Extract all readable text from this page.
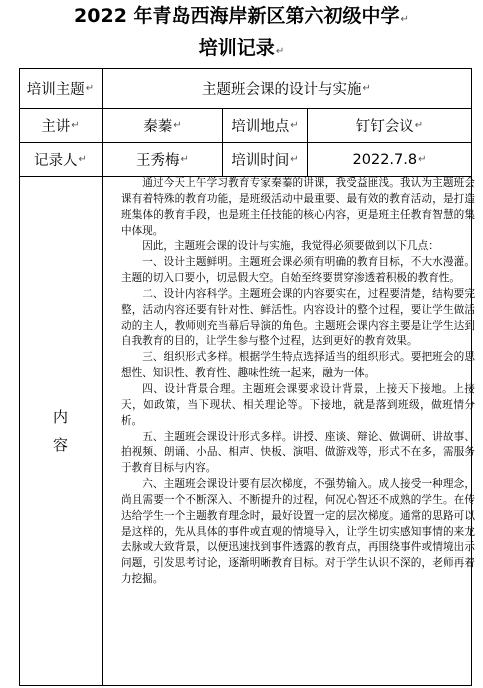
2022 年青岛西海岸新区第六初级中学↵
培训记录↵
培训主题 ↵	主题班会课的设计与实施 ↵
主讲 ↵	秦蓁 ↵	培训地点 ↵	钉钉会议 ↵
记录人 ↵	王秀梅 ↵	培训时间 ↵	2022.7.8 ↵
内
容

通过今天上午学习教育专家秦蓁的讲课，我受益匪浅。我认为主题班会课有着特殊的教育功能，是班级活动中最重要、最有效的教育活动，是打造班集体的教育手段，也是班主任技能的核心内容，更是班主任教育智慧的集中体现。

因此，主题班会课的设计与实施，我觉得必须要做到以下几点：

一、设计主题鲜明。主题班会课必须有明确的教育目标，不大水漫灌。主题的切入口要小，切忌假大空。自始至终要贯穿渗透着积极的教育性。

二、设计内容科学。主题班会课的内容要实在，过程要清楚，结构要完整，活动内容还要有针对性、鲜活性。内容设计的整个过程，要让学生做活动的主人，教师则充当幕后导演的角色。主题班会课内容主要是让学生达到自我教育的目的，让学生参与整个过程，达到更好的教育效果。

三、组织形式多样。根据学生特点选择适当的组织形式。要把班会的思想性、知识性、教育性、趣味性统一起来，融为一体。

四、设计背景合理。主题班会课要求设计背景，上接天下接地。上接天，如政策，当下现状、相关理论等。下接地，就是落到班级，做班情分析。

五、主题班会课设计形式多样。讲授、座谈、辩论、做调研、讲故事、拍视频、朗诵、小品、相声、快板、演唱、做游戏等，形式不在多，需服务于教育目标与内容。

六、主题班会课设计要有层次梯度，不强势输入。成人接受一种理念，尚且需要一个不断深入、不断提升的过程，何况心智还不成熟的学生。在传达给学生一个主题教育理念时，最好设置一定的层次梯度。通常的思路可以是这样的，先从具体的事件或直观的情境导入，让学生切实感知事情的来龙去脉或大致背景，以便迅速找到事件透露的教育点，再围绕事件或情境出示问题，引发思考讨论，逐渐明晰教育目标。对于学生认识不深的，老师再着力挖掘。
